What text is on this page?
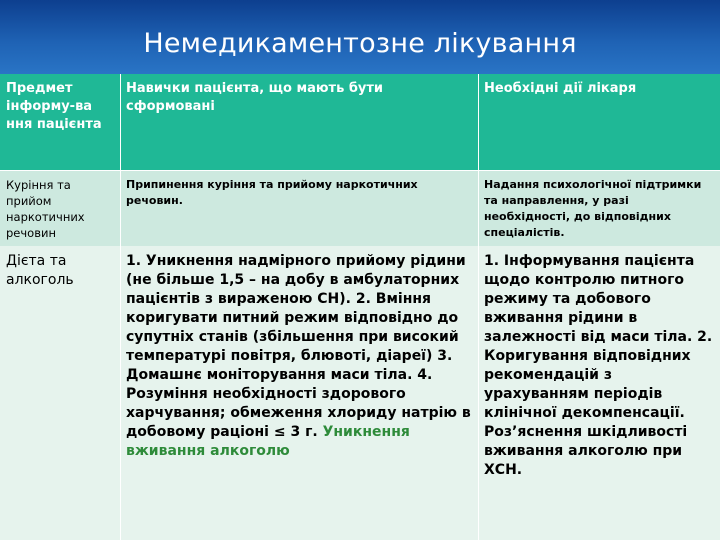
Немедикаментозне лікування
Предмет інформу-ва ння пацієнта
Навички пацієнта, що мають бути сформовані
Необхідні дії лікаря
Куріння та прийом наркотичних речовин
Припинення куріння та прийому наркотичних речовин.
Надання психологічної підтримки та направлення, у разі необхідності, до відповідних спеціалістів.
Дієта та алкоголь
1. Уникнення надмірного прийому рідини (не більше 1,5 – на добу в амбулаторних пацієнтів з вираженою СН). 2. Вміння коригувати питний режим відповідно до супутніх станів (збільшення при високий температурі повітря, блювоті, діареї) 3. Домашнє моніторування маси тіла. 4. Розуміння необхідності здорового харчування; обмеження хлориду натрію в добовому раціоні ≤ 3 г. Уникнення вживання алкоголю
1. Інформування пацієнта щодо контролю питного режиму та добового вживання рідини в залежності від маси тіла. 2. Коригування відповідних рекомендацій з урахуванням періодів клінічної декомпенсації. Роз’яснення шкідливості вживання алкоголю при ХСН.
